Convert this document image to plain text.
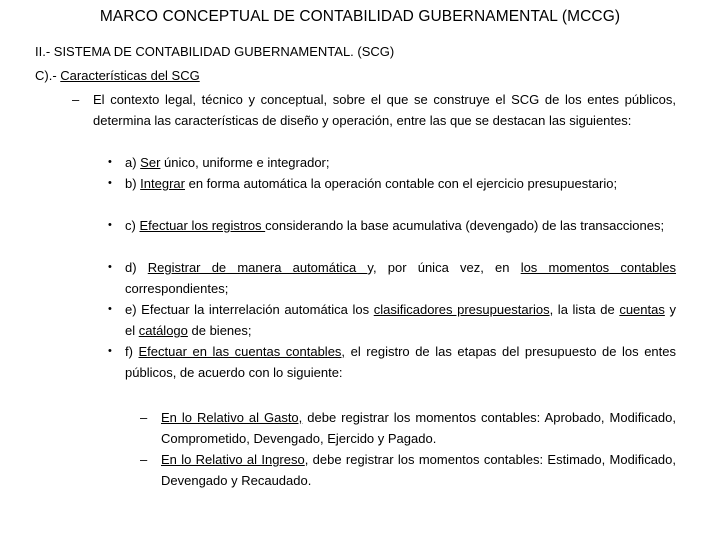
MARCO CONCEPTUAL DE CONTABILIDAD GUBERNAMENTAL (MCCG)
II.- SISTEMA DE CONTABILIDAD GUBERNAMENTAL. (SCG)
C).- Características del SCG
– El contexto legal, técnico y conceptual, sobre el que se construye el SCG de los entes públicos, determina las características de diseño y operación, entre las que se destacan las siguientes:
• a) Ser único, uniforme e integrador;
• b) Integrar en forma automática la operación contable con el ejercicio presupuestario;
• c) Efectuar los registros considerando la base acumulativa (devengado) de las transacciones;
• d) Registrar de manera automática y, por única vez, en los momentos contables correspondientes;
• e) Efectuar la interrelación automática los clasificadores presupuestarios, la lista de cuentas y el catálogo de bienes;
• f) Efectuar en las cuentas contables, el registro de las etapas del presupuesto de los entes públicos, de acuerdo con lo siguiente:
– En lo Relativo al Gasto, debe registrar los momentos contables: Aprobado, Modificado, Comprometido, Devengado, Ejercido y Pagado.
– En lo Relativo al Ingreso, debe registrar los momentos contables: Estimado, Modificado, Devengado y Recaudado.
